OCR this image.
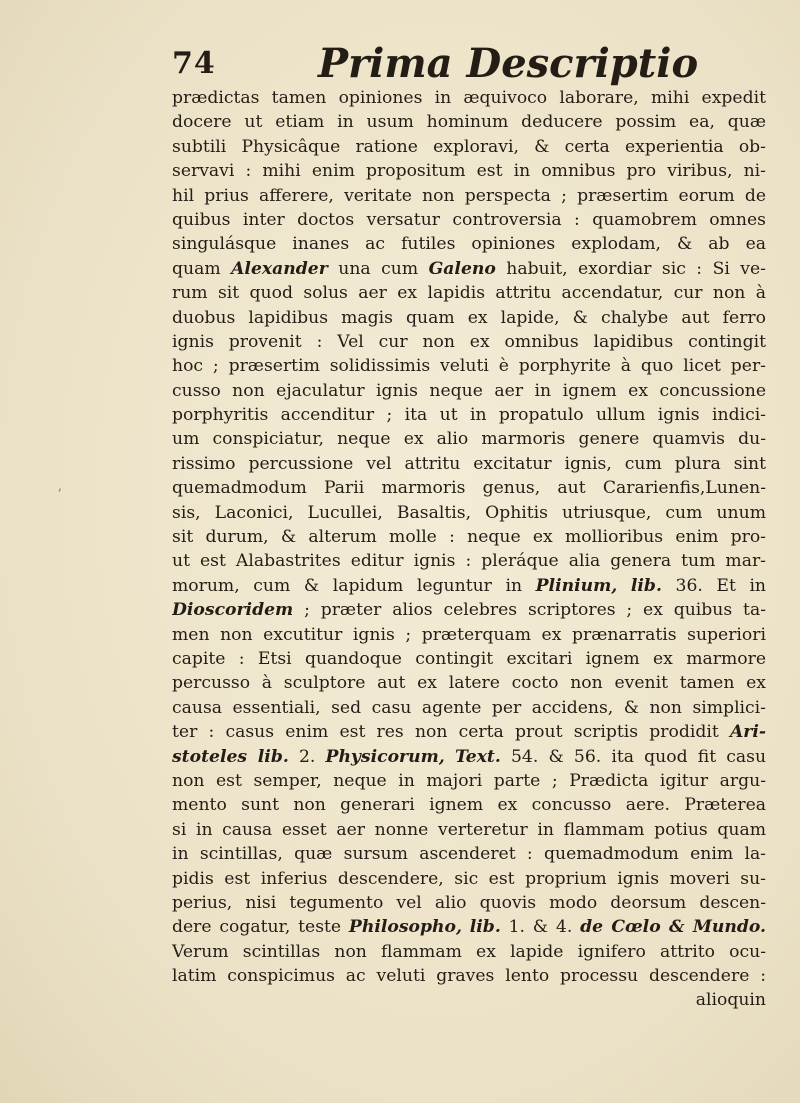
74	Prima Descriptio
ʼ
prædictas tamen opiniones in æquivoco laborare, mihi expedit
docere ut etiam in usum hominum deducere possim ea, quæ
subtili Physicâque ratione exploravi, & certa experientia ob-
servavi : mihi enim propositum est in omnibus pro viribus, ni-
hil prius afferere, veritate non perspecta ; præsertim eorum de
quibus inter doctos versatur controversia : quamobrem omnes
singulásque inanes ac futiles opiniones explodam, & ab ea
quam Alexander una cum Galeno habuit, exordiar sic : Si ve-
rum sit quod solus aer ex lapidis attritu accendatur, cur non à
duobus lapidibus magis quam ex lapide, & chalybe aut ferro
ignis provenit : Vel cur non ex omnibus lapidibus contingit
hoc ; præsertim solidissimis veluti è porphyrite à quo licet per-
cusso non ejaculatur ignis neque aer in ignem ex concussione
porphyritis accenditur ; ita ut in propatulo ullum ignis indici-
um conspiciatur, neque ex alio marmoris genere quamvis du-
rissimo percussione vel attritu excitatur ignis, cum plura sint
quemadmodum Parii marmoris genus, aut Cararienfis,Lunen-
sis, Laconici, Lucullei, Basaltis, Ophitis utriusque, cum unum
sit durum, & alterum molle : neque ex mollioribus enim pro-
ut est Alabastrites editur ignis : pleráque alia genera tum mar-
morum, cum & lapidum leguntur in Plinium, lib. 36. Et in
Dioscoridem ; præter alios celebres scriptores ; ex quibus ta-
men non excutitur ignis ; præterquam ex prænarratis superiori
capite : Etsi quandoque contingit excitari ignem ex marmore
percusso à sculptore aut ex latere cocto non evenit tamen ex
causa essentiali, sed casu agente per accidens, & non simplici-
ter : casus enim est res non certa prout scriptis prodidit Ari-
stoteles lib. 2. Physicorum, Text. 54. & 56. ita quod fit casu
non est semper, neque in majori parte ; Prædicta igitur argu-
mento sunt non generari ignem ex concusso aere. Præterea
si in causa esset aer nonne verteretur in flammam potius quam
in scintillas, quæ sursum ascenderet : quemadmodum enim la-
pidis est inferius descendere, sic est proprium ignis moveri su-
perius, nisi tegumento vel alio quovis modo deorsum descen-
dere cogatur, teste Philosopho, lib. 1. & 4. de Cœlo & Mundo.
Verum scintillas non flammam ex lapide ignifero attrito ocu-
latim conspicimus ac veluti graves lento processu descendere :
alioquin
